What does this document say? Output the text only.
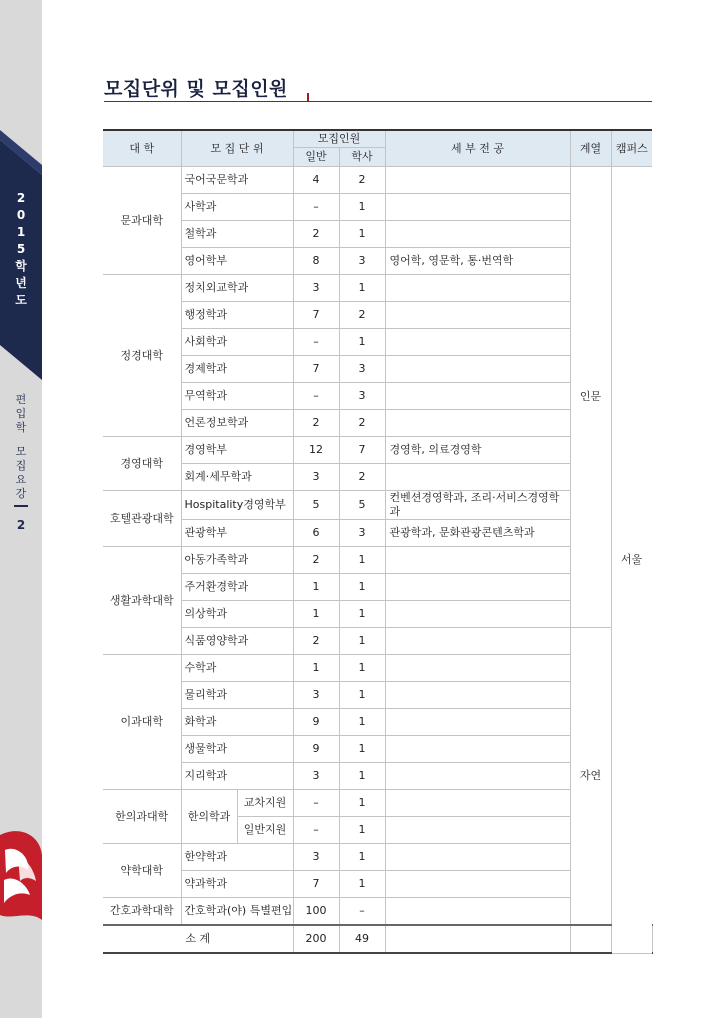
2
0
1
5
학
년
도
편
입
학
모
집
요
강
2
모집단위 및 모집인원
대 학	모 집 단 위		모집인원		세 부 전 공	계열	캠퍼스	
			일반	학사				
문과대학	국어국문학과		4	2		인문	서울	
	사학과		–	1				
	철학과		2	1				
	영어학부		8	3	영어학, 영문학, 통·번역학			
정경대학	정치외교학과		3	1				
	행정학과		7	2				
	사회학과		–	1				
	경제학과		7	3				
	무역학과		–	3				
	언론정보학과		2	2				
경영대학	경영학부		12	7	경영학, 의료경영학			
	회계·세무학과		3	2				
호텔관광대학	Hospitality경영학부		5	5	컨벤션경영학과, 조리·서비스경영학과			
	관광학부		6	3	관광학과, 문화관광콘텐츠학과			
생활과학대학	아동가족학과		2	1				
	주거환경학과		1	1				
	의상학과		1	1				
	식품영양학과		2	1		자연		
이과대학	수학과		1	1				
	물리학과		3	1				
	화학과		9	1				
	생물학과		9	1				
	지리학과		3	1				
한의과대학	한의학과	교차지원	–	1				
		일반지원	–	1				
약학대학	한약학과		3	1				
	약과학과		7	1				
간호과학대학	간호학과(야) 특별편입		100	–				
소 계			200	49				
